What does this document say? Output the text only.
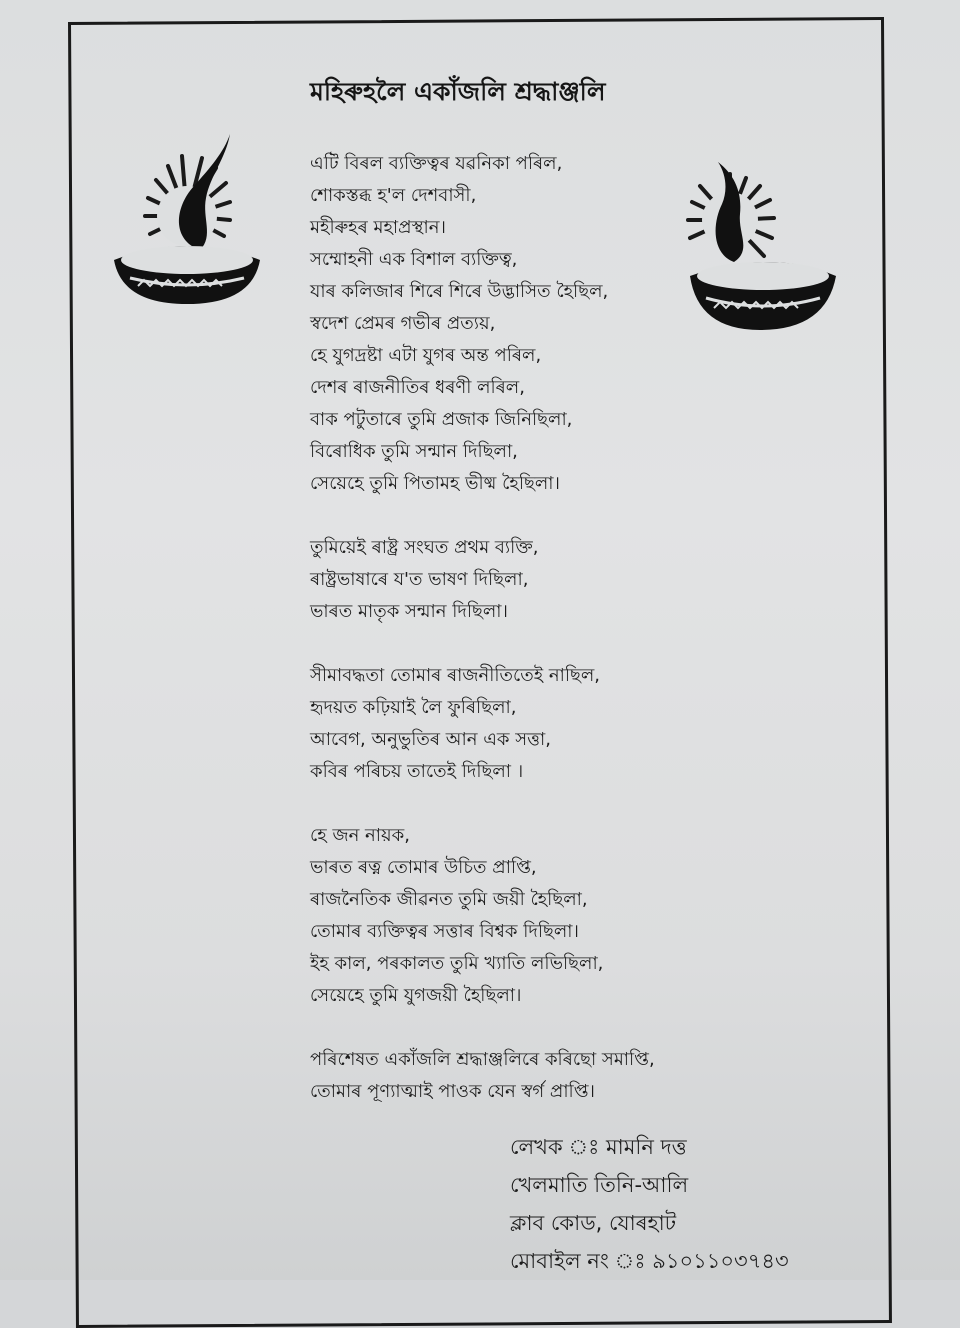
মহিৰুহলৈ একাঁজলি শ্ৰদ্ধাঞ্জলি
এটি বিৰল ব্যক্তিত্বৰ যৱনিকা পৰিল,
শোকস্তব্ধ হ'ল দেশবাসী,
মহীৰুহৰ মহাপ্ৰস্থান।
সম্মোহনী এক বিশাল ব্যক্তিত্ব,
যাৰ কলিজাৰ শিৰে শিৰে উদ্ভাসিত হৈছিল,
স্বদেশ প্ৰেমৰ গভীৰ প্ৰত্যয়,
হে যুগদ্ৰষ্টা এটা যুগৰ অন্ত পৰিল,
দেশৰ ৰাজনীতিৰ ধৰণী লৰিল,
বাক পটুতাৰে তুমি প্ৰজাক জিনিছিলা,
বিৰোধিক তুমি সন্মান দিছিলা,
সেয়েহে তুমি পিতামহ ভীষ্ম হৈছিলা।
তুমিয়েই ৰাষ্ট্ৰ সংঘত প্ৰথম ব্যক্তি,
ৰাষ্ট্ৰভাষাৰে য'ত ভাষণ দিছিলা,
ভাৰত মাতৃক সন্মান দিছিলা।
সীমাবদ্ধতা তোমাৰ ৰাজনীতিতেই নাছিল,
হৃদয়ত কঢ়িয়াই লৈ ফুৰিছিলা,
আবেগ, অনুভুতিৰ আন এক সত্তা,
কবিৰ পৰিচয় তাতেই দিছিলা ।
হে জন নায়ক,
ভাৰত ৰত্ন তোমাৰ উচিত প্ৰাপ্তি,
ৰাজনৈতিক জীৱনত তুমি জয়ী হৈছিলা,
তোমাৰ ব্যক্তিত্বৰ সত্তাৰ বিশ্বক দিছিলা।
ইহ কাল, পৰকালত তুমি খ্যাতি লভিছিলা,
সেয়েহে তুমি যুগজয়ী হৈছিলা।
পৰিশেষত একাঁজলি শ্ৰদ্ধাঞ্জলিৰে কৰিছো সমাপ্তি,
তোমাৰ পূণ্যাত্মাই পাওক যেন স্বৰ্গ প্ৰাপ্তি।
লেখক ঃ মামনি দত্ত
খেলমাতি তিনি-আলি
ক্লাব কোড, যোৰহাট
মোবাইল নং ঃ ৯১০১১০৩৭৪৩
